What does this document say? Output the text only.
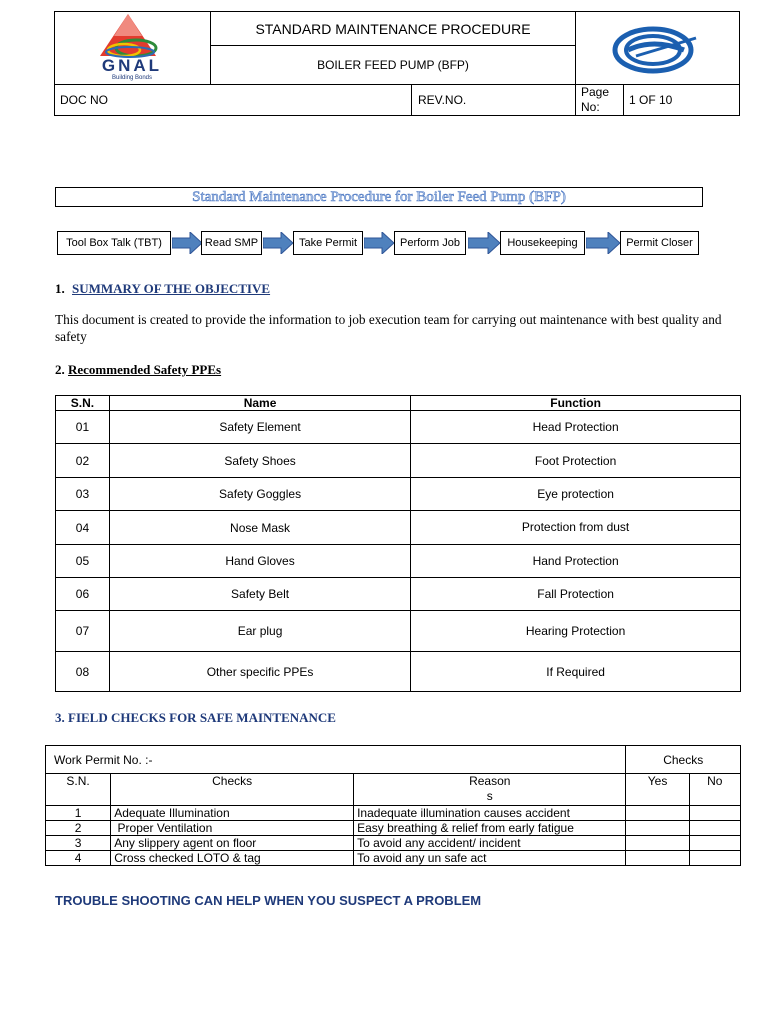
GNAL
Building Bonds
STANDARD MAINTENANCE PROCEDURE
BOILER FEED PUMP (BFP)
DOC NO	REV.NO.
Page No:	1 OF 10
Standard Maintenance Procedure for Boiler Feed Pump (BFP)
Tool Box Talk (TBT)	Read SMP	Take Permit	Perform Job	Housekeeping	Permit Closer
1. SUMMARY OF THE OBJECTIVE
This document is created to provide the information to job execution team for carrying out maintenance with best quality and safety
2. Recommended Safety PPEs
S.N.	Name	Function
01	Safety Element	Head Protection
02	Safety Shoes	Foot Protection
03	Safety Goggles	Eye protection
04	Nose Mask	Protection from dust
05	Hand Gloves	Hand Protection
06	Safety Belt	Fall Protection
07	Ear plug	Hearing Protection
08	Other specific PPEs	If Required
3. FIELD CHECKS FOR SAFE MAINTENANCE
Work Permit No. :-			Checks	
S.N.	Checks	Reason s	Yes	No
1	Adequate Illumination	Inadequate illumination causes accident		
2	Proper Ventilation	Easy breathing & relief from early fatigue		
3	Any slippery agent on floor	To avoid any accident/ incident		
4	Cross checked LOTO & tag	To avoid any un safe act		
TROUBLE SHOOTING CAN HELP WHEN YOU SUSPECT A PROBLEM
